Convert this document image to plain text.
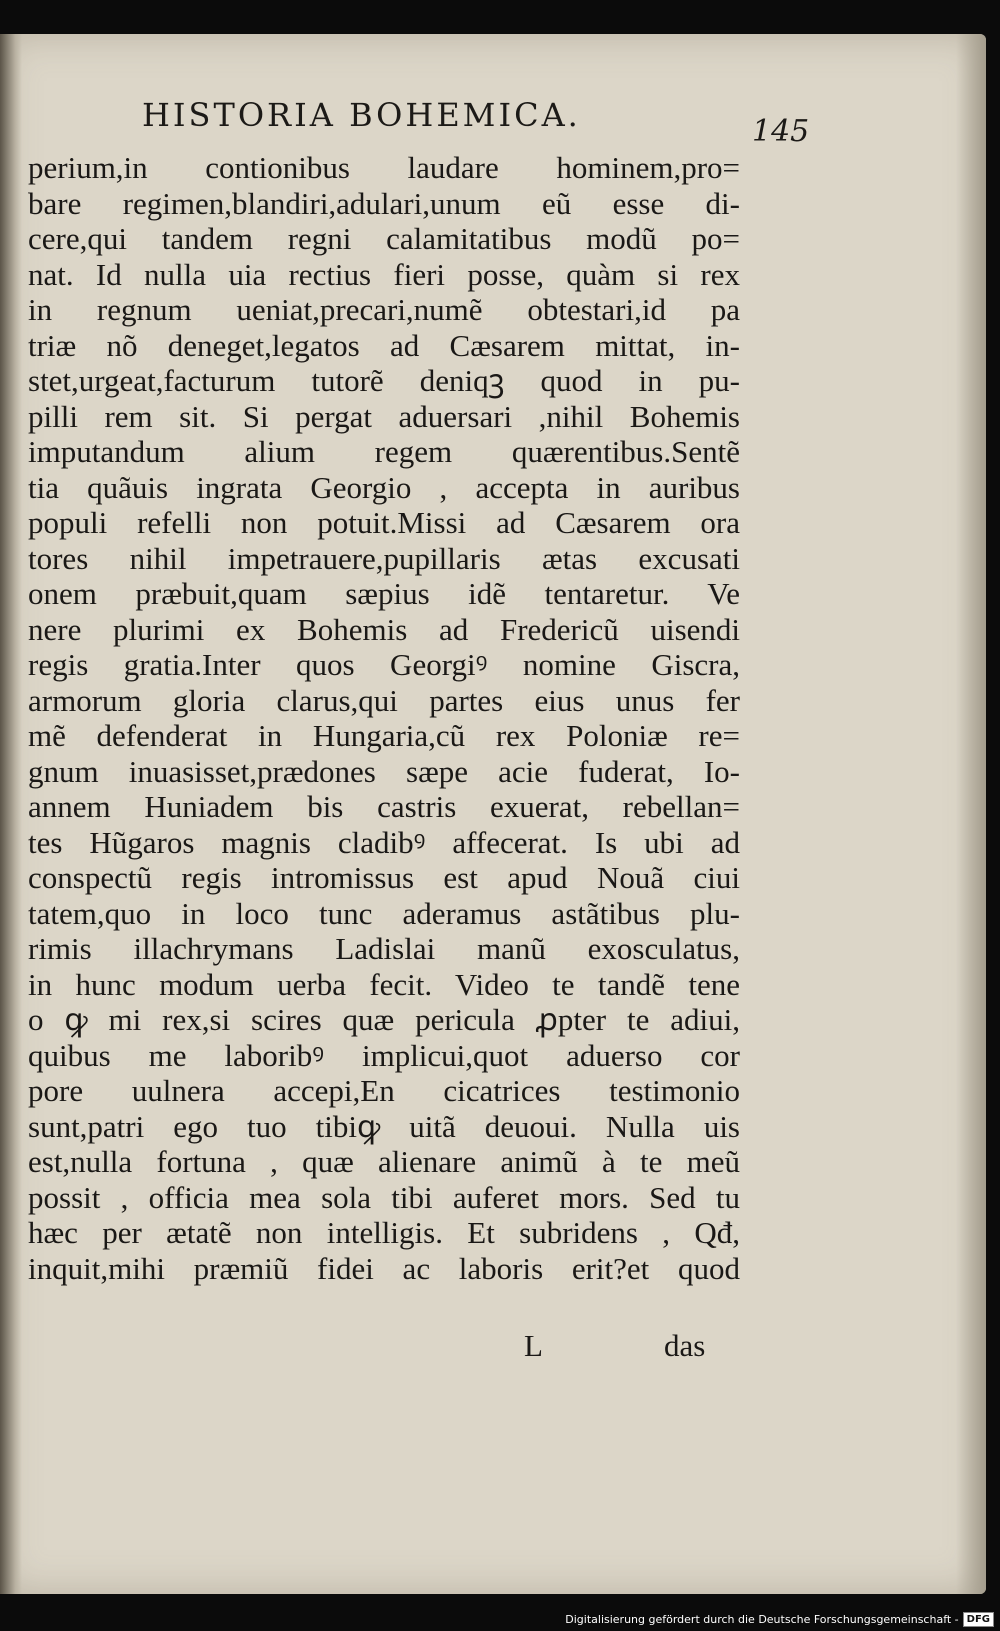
HISTORIA BOHEMICA.	145
perium,in contionibus laudare hominem,pro=
bare regimen,blandiri,adulari,unum eũ esse di-
cere,qui tandem regni calamitatibus modũ po=
nat. Id nulla uia rectius fieri posse, quàm si rex
in regnum ueniat,precari,numẽ obtestari,id pa
triæ nõ deneget,legatos ad Cæsarem mittat, in-
stet,urgeat,facturum tutorẽ deniqꝫ quod in pu-
pilli rem sit. Si pergat aduersari ,nihil Bohemis
imputandum alium regem quærentibus.Sentẽ
tia quãuis ingrata Georgio , accepta in auribus
populi refelli non potuit.Missi ad Cæsarem ora
tores nihil impetrauere,pupillaris ætas excusati
onem præbuit,quam sæpius idẽ tentaretur. Ve
nere plurimi ex Bohemis ad Fredericũ uisendi
regis gratia.Inter quos Georgiꝰ nomine Giscra,
armorum gloria clarus,qui partes eius unus fer
mẽ defenderat in Hungaria,cũ rex Poloniæ re=
gnum inuasisset,prædones sæpe acie fuderat, Io-
annem Huniadem bis castris exuerat, rebellan=
tes Hũgaros magnis cladibꝰ affecerat. Is ubi ad
conspectũ regis intromissus est apud Nouã ciui
tatem,quo in loco tunc aderamus astãtibus plu-
rimis illachrymans Ladislai manũ exosculatus,
in hunc modum uerba fecit. Video te tandẽ tene
o ꝙ mi rex,si scires quæ pericula ꝓpter te adiui,
quibus me laboribꝰ implicui,quot aduerso cor
pore uulnera accepi,En cicatrices testimonio
sunt,patri ego tuo tibiꝙ uitã deuoui. Nulla uis
est,nulla fortuna , quæ alienare animũ à te meũ
possit , officia mea sola tibi auferet mors. Sed tu
hæc per ætatẽ non intelligis. Et subridens , Qđ,
inquit,mihi præmiũ fidei ac laboris erit?et quod
L	das
Digitalisierung gefördert durch die Deutsche Forschungsgemeinschaft - DFG
